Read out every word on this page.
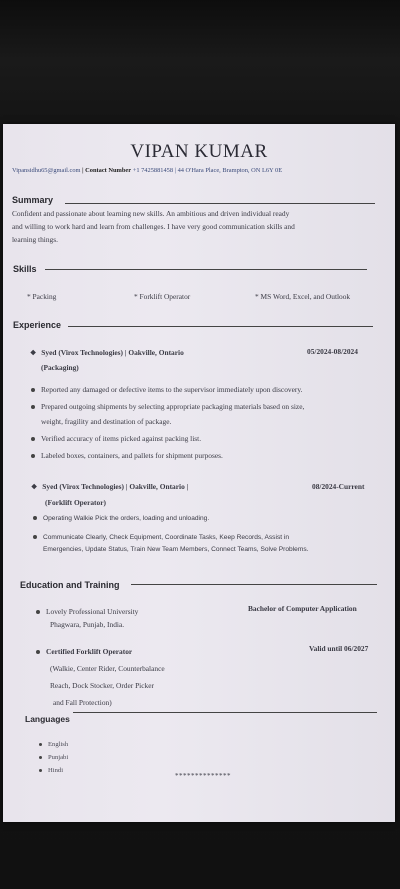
VIPAN KUMAR
Vipansidhu65@gmail.com | Contact Number +1 7425881458 | 44 O'Hara Place, Brampton, ON L6Y 0E
Summary
Confident and passionate about learning new skills. An ambitious and driven individual ready
and willing to work hard and learn from challenges. I have very good communication skills and
learning things.
Skills
* Packing	* Forklift Operator	* MS Word, Excel, and Outlook
Experience
❖ Syed (Virox Technologies) | Oakville, Ontario	05/2024-08/2024
(Packaging)
Reported any damaged or defective items to the supervisor immediately upon discovery.
Prepared outgoing shipments by selecting appropriate packaging materials based on size,
weight, fragility and destination of package.
Verified accuracy of items picked against packing list.
Labeled boxes, containers, and pallets for shipment purposes.
❖ Syed (Virox Technologies) | Oakville, Ontario |	08/2024-Current
(Forklift Operator)
Operating Walkie Pick the orders, loading and unloading.
Communicate Clearly, Check Equipment, Coordinate Tasks, Keep Records, Assist in
Emergencies, Update Status, Train New Team Members, Connect Teams, Solve Problems.
Education and Training
Lovely Professional University
Phagwara, Punjab, India.
Bachelor of Computer Application
Certified Forklift Operator	Valid until 06/2027
(Walkie, Center Rider, Counterbalance
Reach, Dock Stocker, Order Picker
and Fall Protection)
Languages
English
Punjabi
Hindi
**************
